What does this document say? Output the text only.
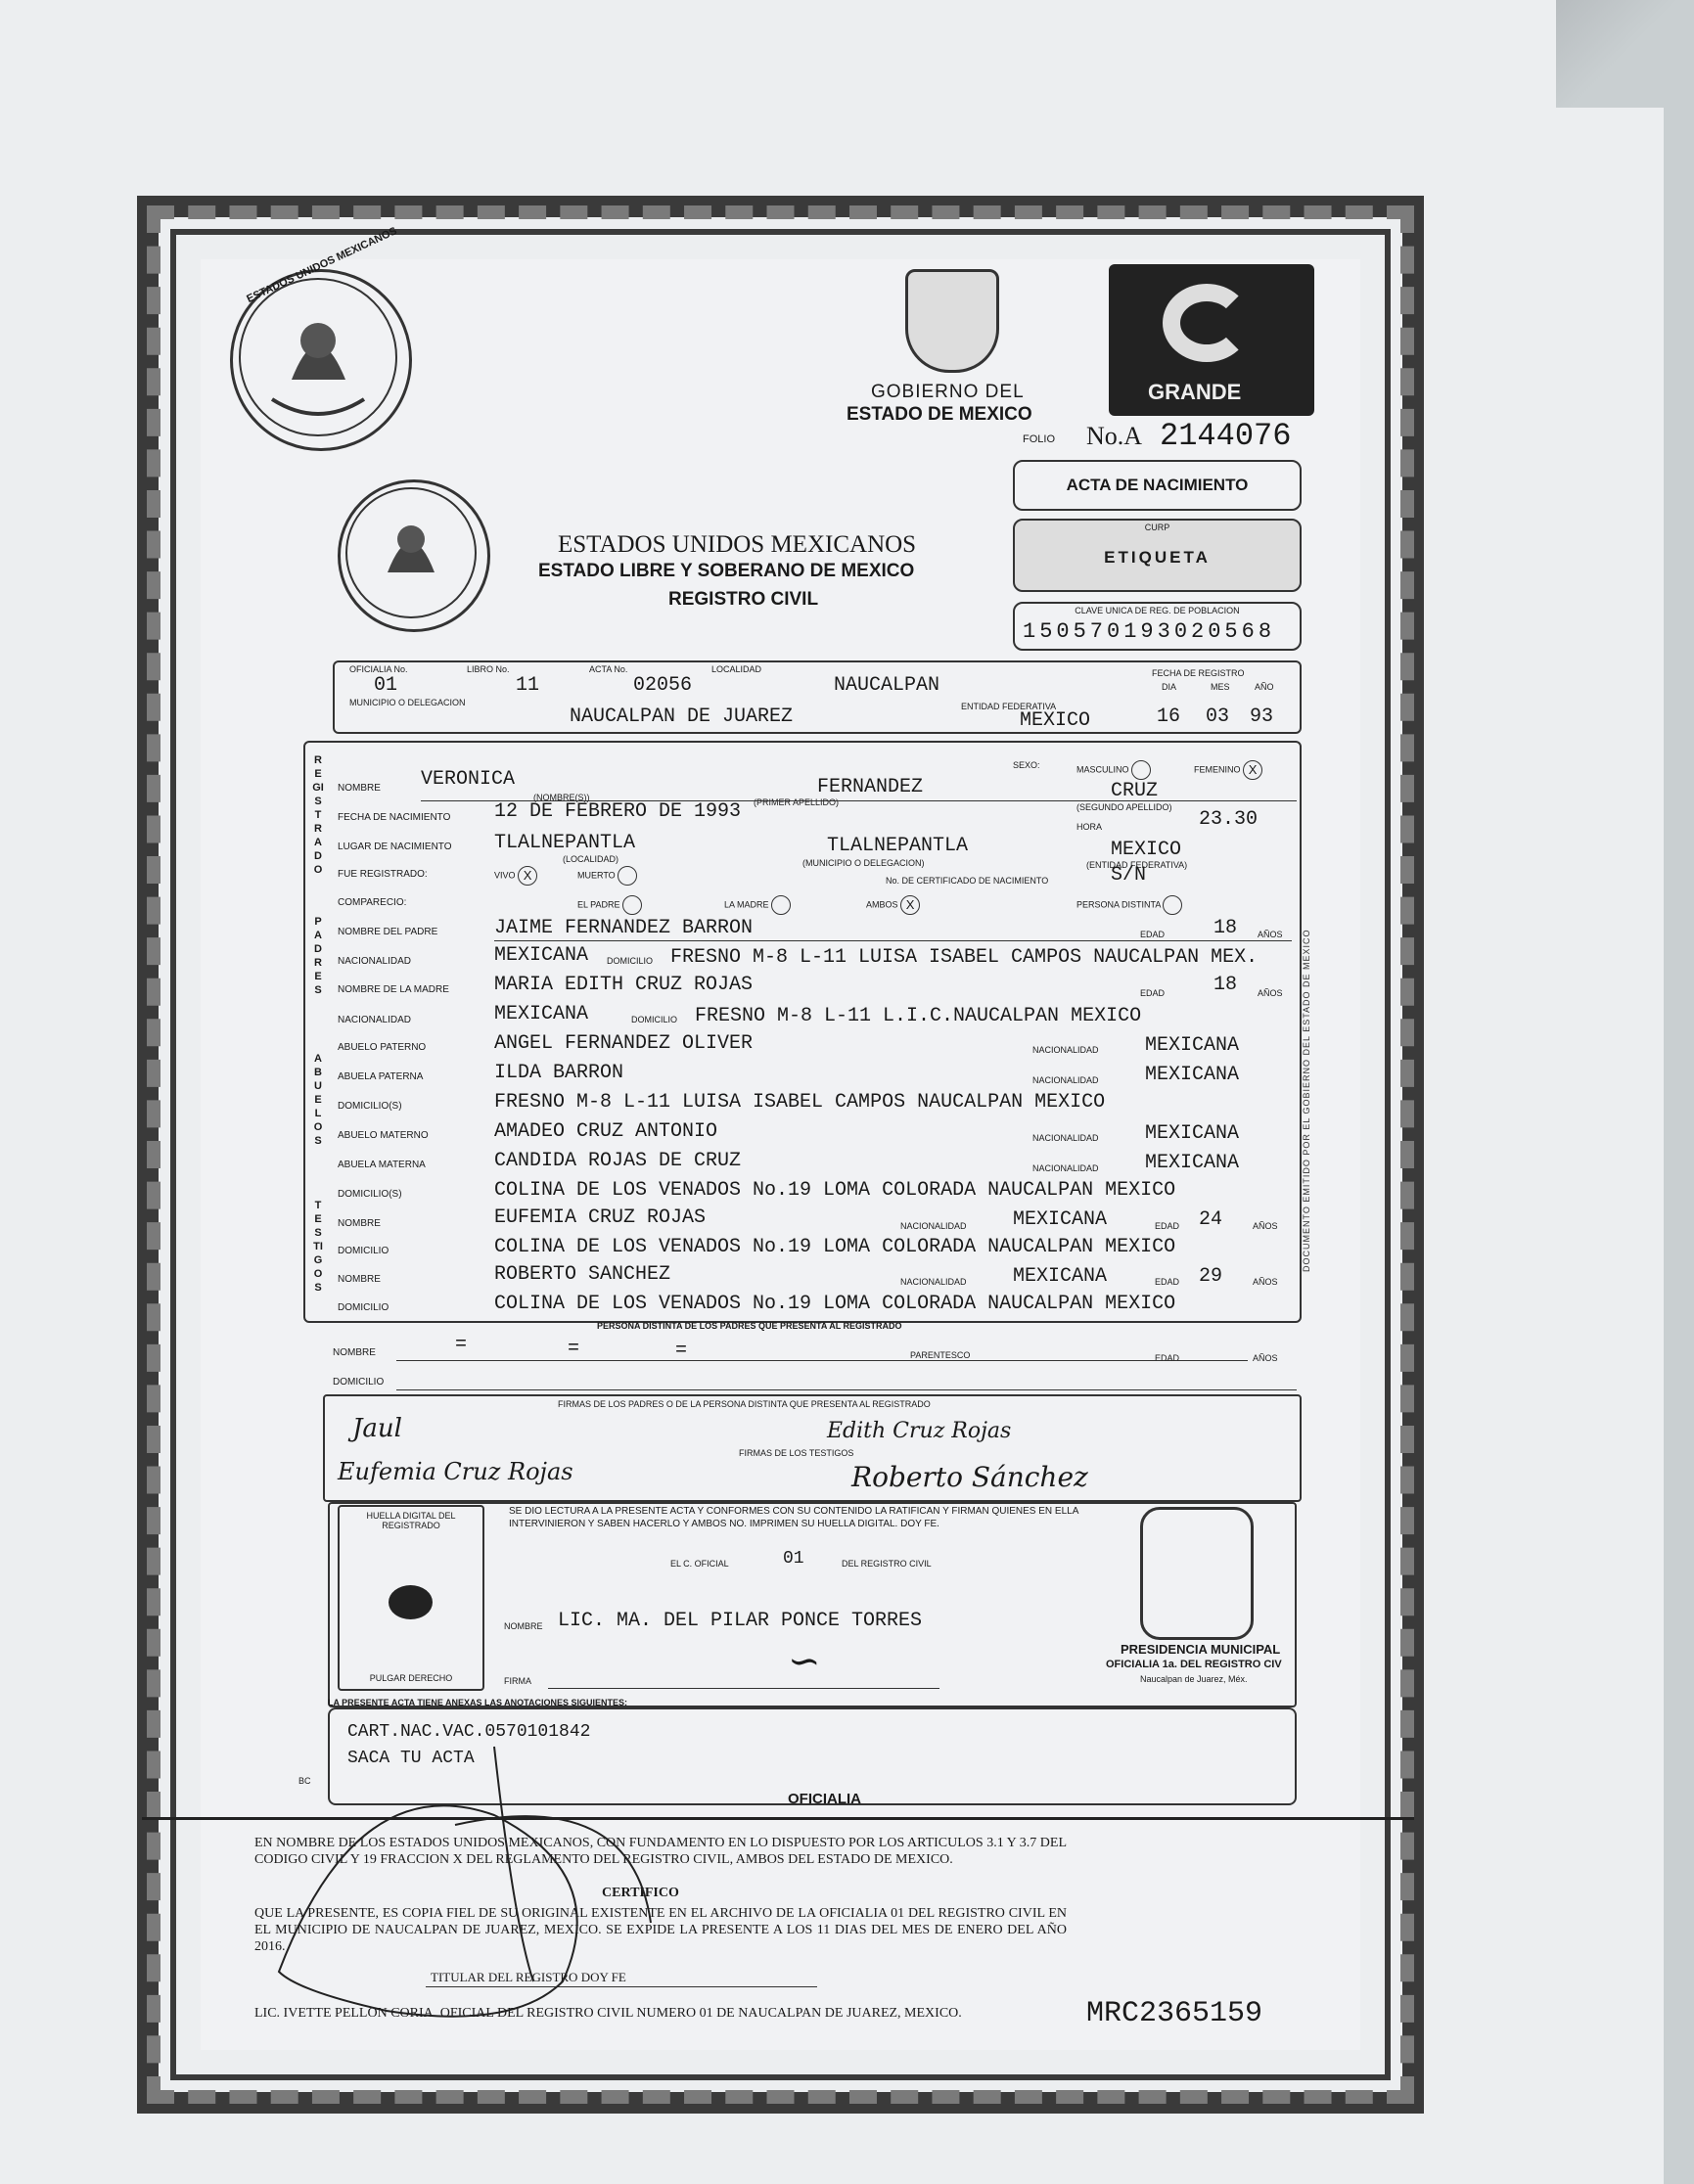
ESTADOS UNIDOS MEXICANOS
GOBIERNO DEL
ESTADO DE MEXICO
GRANDE
FOLIO No.A 2144076
ACTA DE NACIMIENTO
CURP
ETIQUETA
CLAVE UNICA DE REG. DE POBLACION
150570193020568
ESTADOS UNIDOS MEXICANOS
ESTADO LIBRE Y SOBERANO DE MEXICO
REGISTRO CIVIL
OFICIALIA No.
01
LIBRO No.
11
ACTA No.
02056
LOCALIDAD
NAUCALPAN
MUNICIPIO O DELEGACION
NAUCALPAN DE JUAREZ	ENTIDAD FEDERATIVA
MEXICO
FECHA DE REGISTRO
DIA	MES	AÑO
16 03 93
REGISTRADO
PADRES
ABUELOS
TESTIGOS
NOMBRE VERONICA
(NOMBRE(S))	FERNANDEZ
(PRIMER APELLIDO)	CRUZ
(SEGUNDO APELLIDO)
SEXO:	MASCULINO	FEMENINO X
FECHA DE NACIMIENTO 12 DE FEBRERO DE 1993
HORA	23.30
LUGAR DE NACIMIENTO TLALNEPANTLA
(LOCALIDAD)
TLALNEPANTLA
(MUNICIPIO O DELEGACION)
MEXICO
(ENTIDAD FEDERATIVA)
FUE REGISTRADO:	VIVO X	MUERTO
No. DE CERTIFICADO DE NACIMIENTO	S/N
COMPARECIO:	EL PADRE	LA MADRE	AMBOS X	PERSONA DISTINTA
NOMBRE DEL PADRE	JAIME FERNANDEZ BARRON	EDAD 18 AÑOS
NACIONALIDAD	MEXICANA DOMICILIO FRESNO M-8 L-11 LUISA ISABEL CAMPOS NAUCALPAN MEX.
NOMBRE DE LA MADRE MARIA EDITH CRUZ ROJAS	EDAD 18 AÑOS
NACIONALIDAD	MEXICANA	DOMICILIO FRESNO M-8 L-11 L.I.C.NAUCALPAN MEXICO
ABUELO PATERNO	ANGEL FERNANDEZ OLIVER	NACIONALIDAD MEXICANA
ABUELA PATERNA	ILDA BARRON	NACIONALIDAD MEXICANA
DOMICILIO(S)	FRESNO M-8 L-11 LUISA ISABEL CAMPOS NAUCALPAN MEXICO
ABUELO MATERNO	AMADEO CRUZ ANTONIO	NACIONALIDAD MEXICANA
ABUELA MATERNA	CANDIDA ROJAS DE CRUZ	NACIONALIDAD MEXICANA
DOMICILIO(S)	COLINA DE LOS VENADOS No.19 LOMA COLORADA NAUCALPAN MEXICO
NOMBRE	EUFEMIA CRUZ ROJAS	NACIONALIDAD MEXICANA	EDAD 24	AÑOS
DOMICILIO	COLINA DE LOS VENADOS No.19 LOMA COLORADA NAUCALPAN MEXICO
NOMBRE	ROBERTO SANCHEZ	NACIONALIDAD MEXICANA	EDAD 29	AÑOS
DOMICILIO	COLINA DE LOS VENADOS No.19 LOMA COLORADA NAUCALPAN MEXICO
PERSONA DISTINTA DE LOS PADRES QUE PRESENTA AL REGISTRADO
NOMBRE	=	=	=	PARENTESCO	EDAD	AÑOS
DOMICILIO
FIRMAS DE LOS PADRES O DE LA PERSONA DISTINTA QUE PRESENTA AL REGISTRADO
Jaul	Edith Cruz Rojas
FIRMAS DE LOS TESTIGOS
Eufemia Cruz Rojas	Roberto Sánchez
HUELLA DIGITAL DEL REGISTRADO
PULGAR DERECHO
SE DIO LECTURA A LA PRESENTE ACTA Y CONFORMES CON SU CONTENIDO LA RATIFICAN Y FIRMAN QUIENES EN ELLA INTERVINIERON Y SABEN HACERLO Y AMBOS NO. IMPRIMEN SU HUELLA DIGITAL. DOY FE.
EL C. OFICIAL	01	DEL REGISTRO CIVIL
NOMBRE LIC. MA. DEL PILAR PONCE TORRES
FIRMA	∽	PRESIDENCIA MUNICIPAL
OFICIALIA 1a. DEL REGISTRO CIV
Naucalpan de Juarez, Méx.
LA PRESENTE ACTA TIENE ANEXAS LAS ANOTACIONES SIGUIENTES:
CART.NAC.VAC.0570101842
SACA TU ACTA
BC
OFICIALIA
EN NOMBRE DE LOS ESTADOS UNIDOS MEXICANOS, CON FUNDAMENTO EN LO DISPUESTO POR LOS ARTICULOS 3.1 Y 3.7 DEL CODIGO CIVIL Y 19 FRACCION X DEL REGLAMENTO DEL REGISTRO CIVIL, AMBOS DEL ESTADO DE MEXICO.
CERTIFICO
QUE LA PRESENTE, ES COPIA FIEL DE SU ORIGINAL EXISTENTE EN EL ARCHIVO DE LA OFICIALIA 01 DEL REGISTRO CIVIL EN EL MUNICIPIO DE NAUCALPAN DE JUAREZ, MEXICO. SE EXPIDE LA PRESENTE A LOS 11 DIAS DEL MES DE ENERO DEL AÑO 2016.
TITULAR DEL REGISTRO DOY FE
LIC. IVETTE PELLON CORIA. OFICIAL DEL REGISTRO CIVIL NUMERO 01 DE NAUCALPAN DE JUAREZ, MEXICO.	MRC2365159
DOCUMENTO EMITIDO POR EL GOBIERNO DEL ESTADO DE MEXICO
